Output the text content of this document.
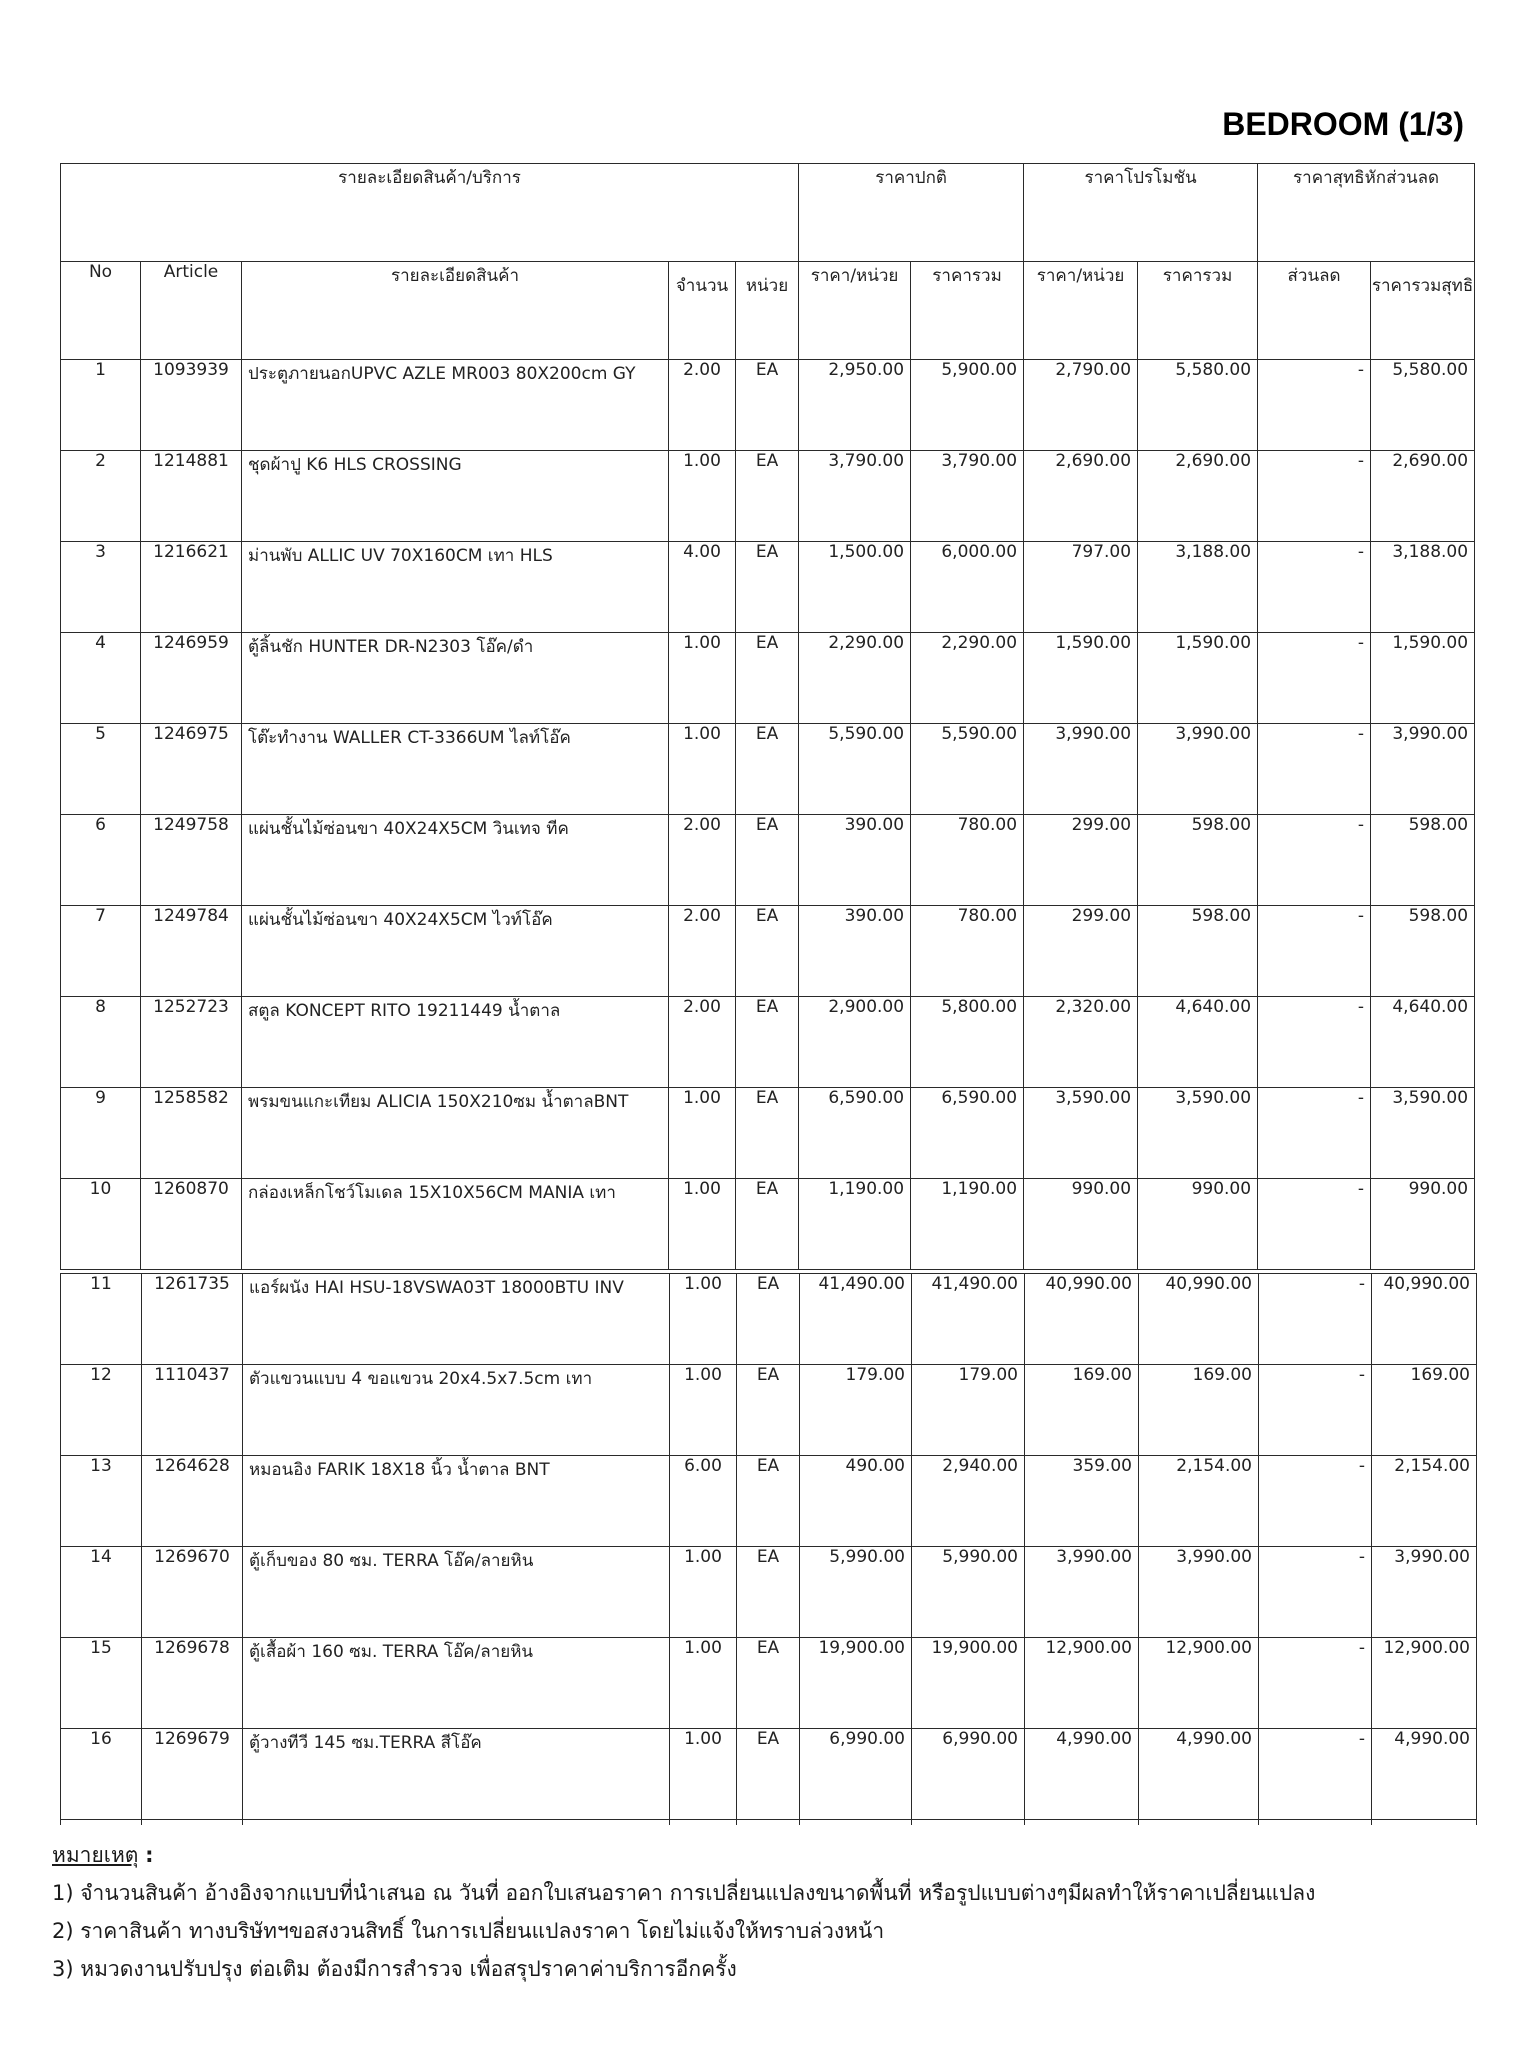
BEDROOM (1/3)
รายละเอียดสินค้า/บริการ					ราคาปกติ		ราคาโปรโมชัน		ราคาสุทธิหักส่วนลด	
No	Article	รายละเอียดสินค้า	จำนวน	หน่วย	ราคา/หน่วย	ราคารวม	ราคา/หน่วย	ราคารวม	ส่วนลด	ราคารวมสุทธิ
1	1093939	ประตูภายนอกUPVC AZLE MR003 80X200cm GY	2.00	EA	2,950.00	5,900.00	2,790.00	5,580.00	-	5,580.00
2	1214881	ชุดผ้าปู K6 HLS CROSSING	1.00	EA	3,790.00	3,790.00	2,690.00	2,690.00	-	2,690.00
3	1216621	ม่านพับ ALLIC UV 70X160CM เทา HLS	4.00	EA	1,500.00	6,000.00	797.00	3,188.00	-	3,188.00
4	1246959	ตู้ลิ้นชัก HUNTER DR-N2303 โอ๊ค/ดำ	1.00	EA	2,290.00	2,290.00	1,590.00	1,590.00	-	1,590.00
5	1246975	โต๊ะทำงาน WALLER CT-3366UM ไลท์โอ๊ค	1.00	EA	5,590.00	5,590.00	3,990.00	3,990.00	-	3,990.00
6	1249758	แผ่นชั้นไม้ซ่อนขา 40X24X5CM วินเทจ ทีค	2.00	EA	390.00	780.00	299.00	598.00	-	598.00
7	1249784	แผ่นชั้นไม้ซ่อนขา 40X24X5CM ไวท์โอ๊ค	2.00	EA	390.00	780.00	299.00	598.00	-	598.00
8	1252723	สตูล KONCEPT RITO 19211449 น้ำตาล	2.00	EA	2,900.00	5,800.00	2,320.00	4,640.00	-	4,640.00
9	1258582	พรมขนแกะเทียม ALICIA 150X210ซม น้ำตาลBNT	1.00	EA	6,590.00	6,590.00	3,590.00	3,590.00	-	3,590.00
10	1260870	กล่องเหล็กโชว์โมเดล 15X10X56CM MANIA เทา	1.00	EA	1,190.00	1,190.00	990.00	990.00	-	990.00
11	1261735	แอร์ผนัง HAI HSU-18VSWA03T 18000BTU INV	1.00	EA	41,490.00	41,490.00	40,990.00	40,990.00	-	40,990.00
12	1110437	ตัวแขวนแบบ 4 ขอแขวน 20x4.5x7.5cm เทา	1.00	EA	179.00	179.00	169.00	169.00	-	169.00
13	1264628	หมอนอิง FARIK 18X18 นิ้ว น้ำตาล BNT	6.00	EA	490.00	2,940.00	359.00	2,154.00	-	2,154.00
14	1269670	ตู้เก็บของ 80 ซม. TERRA โอ๊ค/ลายหิน	1.00	EA	5,990.00	5,990.00	3,990.00	3,990.00	-	3,990.00
15	1269678	ตู้เสื้อผ้า 160 ซม. TERRA โอ๊ค/ลายหิน	1.00	EA	19,900.00	19,900.00	12,900.00	12,900.00	-	12,900.00
16	1269679	ตู้วางทีวี 145 ซม.TERRA สีโอ๊ค	1.00	EA	6,990.00	6,990.00	4,990.00	4,990.00	-	4,990.00

หมายเหตุ :
1) จำนวนสินค้า อ้างอิงจากแบบที่นำเสนอ ณ วันที่ ออกใบเสนอราคา การเปลี่ยนแปลงขนาดพื้นที่ หรือรูปแบบต่างๆมีผลทำให้ราคาเปลี่ยนแปลง
2) ราคาสินค้า ทางบริษัทฯขอสงวนสิทธิ์ ในการเปลี่ยนแปลงราคา โดยไม่แจ้งให้ทราบล่วงหน้า
3) หมวดงานปรับปรุง ต่อเติม ต้องมีการสำรวจ เพื่อสรุปราคาค่าบริการอีกครั้ง
